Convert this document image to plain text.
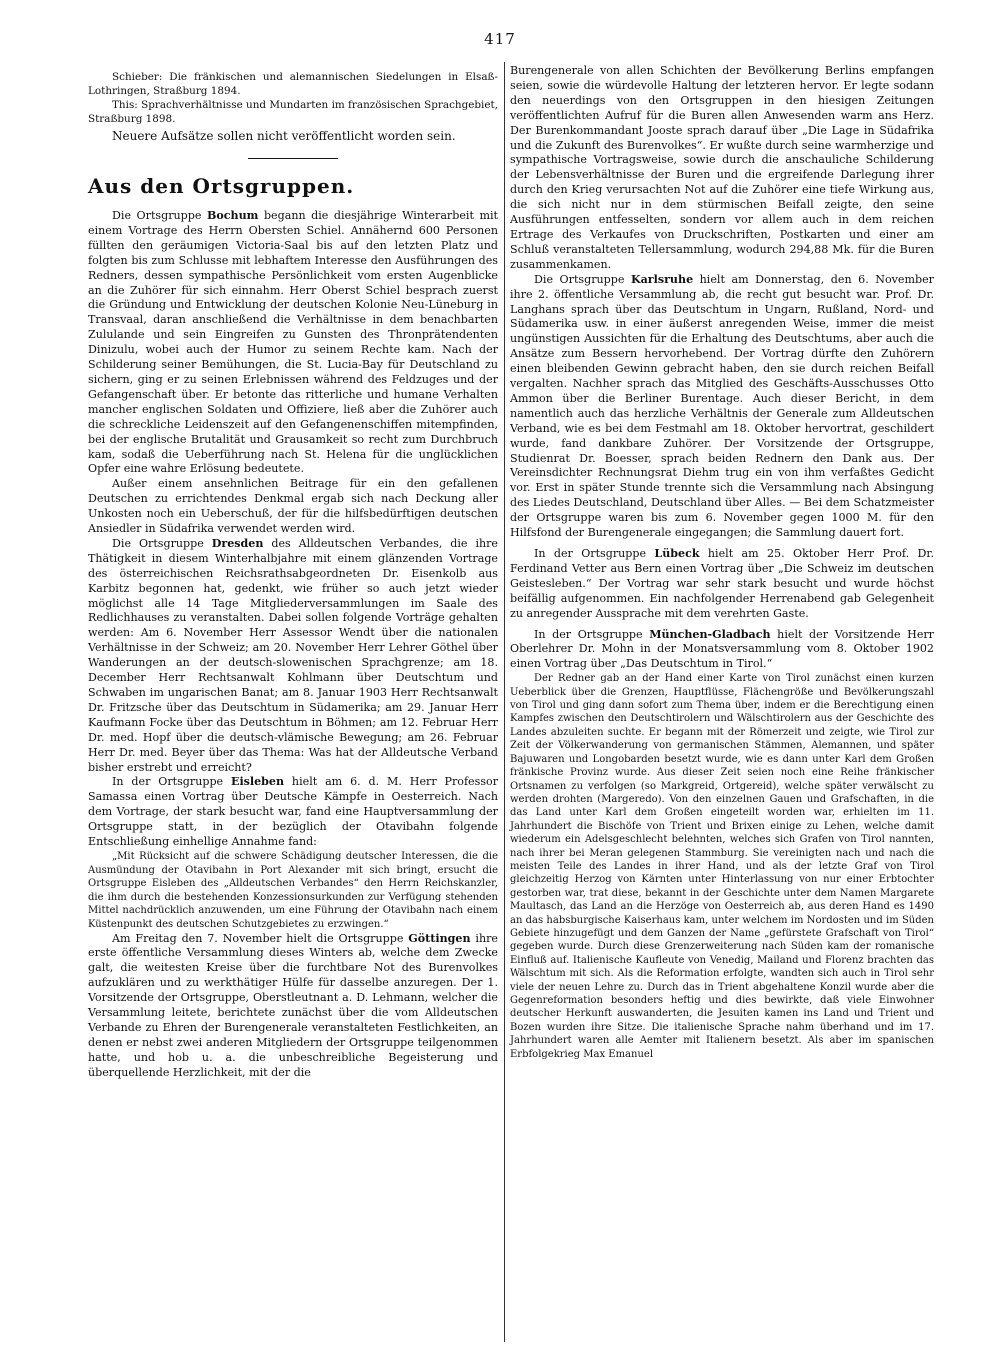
417

Schieber: Die fränkischen und alemannischen Siedelungen in Elsaß-Lothringen, Straßburg 1894.

This: Sprachverhältnisse und Mundarten im französischen Sprachgebiet, Straßburg 1898.

Neuere Aufsätze sollen nicht veröffentlicht worden sein.

Aus den Ortsgruppen.

Die Ortsgruppe Bochum begann die diesjährige Winterarbeit mit einem Vortrage des Herrn Obersten Schiel. Annähernd 600 Personen füllten den geräumigen Victoria-Saal bis auf den letzten Platz und folgten bis zum Schlusse mit lebhaftem Interesse den Ausführungen des Redners, dessen sympathische Persönlichkeit vom ersten Augenblicke an die Zuhörer für sich einnahm. Herr Oberst Schiel besprach zuerst die Gründung und Entwicklung der deutschen Kolonie Neu-Lüneburg in Transvaal, daran anschließend die Verhältnisse in dem benachbarten Zululande und sein Eingreifen zu Gunsten des Thronprätendenten Dinizulu, wobei auch der Humor zu seinem Rechte kam. Nach der Schilderung seiner Bemühungen, die St. Lucia-Bay für Deutschland zu sichern, ging er zu seinen Erlebnissen während des Feldzuges und der Gefangenschaft über. Er betonte das ritterliche und humane Verhalten mancher englischen Soldaten und Offiziere, ließ aber die Zuhörer auch die schreckliche Leidenszeit auf den Gefangenenschiffen mitempfinden, bei der englische Brutalität und Grausamkeit so recht zum Durchbruch kam, sodaß die Ueberführung nach St. Helena für die unglücklichen Opfer eine wahre Erlösung bedeutete.

Außer einem ansehnlichen Beitrage für ein den gefallenen Deutschen zu errichtendes Denkmal ergab sich nach Deckung aller Unkosten noch ein Ueberschuß, der für die hilfsbedürftigen deutschen Ansiedler in Südafrika verwendet werden wird.

Die Ortsgruppe Dresden des Alldeutschen Verbandes, die ihre Thätigkeit in diesem Winterhalbjahre mit einem glänzenden Vortrage des österreichischen Reichsrathsabgeordneten Dr. Eisenkolb aus Karbitz begonnen hat, gedenkt, wie früher so auch jetzt wieder möglichst alle 14 Tage Mitgliederversammlungen im Saale des Redlichhauses zu veranstalten. Dabei sollen folgende Vorträge gehalten werden: Am 6. November Herr Assessor Wendt über die nationalen Verhältnisse in der Schweiz; am 20. November Herr Lehrer Göthel über Wanderungen an der deutsch-slowenischen Sprachgrenze; am 18. December Herr Rechtsanwalt Kohlmann über Deutschtum und Schwaben im ungarischen Banat; am 8. Januar 1903 Herr Rechtsanwalt Dr. Fritzsche über das Deutschtum in Südamerika; am 29. Januar Herr Kaufmann Focke über das Deutschtum in Böhmen; am 12. Februar Herr Dr. med. Hopf über die deutsch-vlämische Bewegung; am 26. Februar Herr Dr. med. Beyer über das Thema: Was hat der Alldeutsche Verband bisher erstrebt und erreicht?

In der Ortsgruppe Eisleben hielt am 6. d. M. Herr Professor Samassa einen Vortrag über Deutsche Kämpfe in Oesterreich. Nach dem Vortrage, der stark besucht war, fand eine Hauptversammlung der Ortsgruppe statt, in der bezüglich der Otavibahn folgende Entschließung einhellige Annahme fand:

„Mit Rücksicht auf die schwere Schädigung deutscher Interessen, die die Ausmündung der Otavibahn in Port Alexander mit sich bringt, ersucht die Ortsgruppe Eisleben des „Alldeutschen Verbandes“ den Herrn Reichskanzler, die ihm durch die bestehenden Konzessionsurkunden zur Verfügung stehenden Mittel nachdrücklich anzuwenden, um eine Führung der Otavibahn nach einem Küstenpunkt des deutschen Schutzgebietes zu erzwingen.“

Am Freitag den 7. November hielt die Ortsgruppe Göttingen ihre erste öffentliche Versammlung dieses Winters ab, welche dem Zwecke galt, die weitesten Kreise über die furchtbare Not des Burenvolkes aufzuklären und zu werkthätiger Hülfe für dasselbe anzuregen. Der 1. Vorsitzende der Ortsgruppe, Oberstleutnant a. D. Lehmann, welcher die Versammlung leitete, berichtete zunächst über die vom Alldeutschen Verbande zu Ehren der Burengenerale veranstalteten Festlichkeiten, an denen er nebst zwei anderen Mitgliedern der Ortsgruppe teilgenommen hatte, und hob u. a. die unbeschreibliche Begeisterung und überquellende Herzlichkeit, mit der die

Burengenerale von allen Schichten der Bevölkerung Berlins empfangen seien, sowie die würdevolle Haltung der letzteren hervor. Er legte sodann den neuerdings von den Ortsgruppen in den hiesigen Zeitungen veröffentlichten Aufruf für die Buren allen Anwesenden warm ans Herz. Der Burenkommandant Jooste sprach darauf über „Die Lage in Südafrika und die Zukunft des Burenvolkes“. Er wußte durch seine warmherzige und sympathische Vortragsweise, sowie durch die anschauliche Schilderung der Lebensverhältnisse der Buren und die ergreifende Darlegung ihrer durch den Krieg verursachten Not auf die Zuhörer eine tiefe Wirkung aus, die sich nicht nur in dem stürmischen Beifall zeigte, den seine Ausführungen entfesselten, sondern vor allem auch in dem reichen Ertrage des Verkaufes von Druckschriften, Postkarten und einer am Schluß veranstalteten Tellersammlung, wodurch 294,88 Mk. für die Buren zusammenkamen.

Die Ortsgruppe Karlsruhe hielt am Donnerstag, den 6. November ihre 2. öffentliche Versammlung ab, die recht gut besucht war. Prof. Dr. Langhans sprach über das Deutschtum in Ungarn, Rußland, Nord- und Südamerika usw. in einer äußerst anregenden Weise, immer die meist ungünstigen Aussichten für die Erhaltung des Deutschtums, aber auch die Ansätze zum Bessern hervorhebend. Der Vortrag dürfte den Zuhörern einen bleibenden Gewinn gebracht haben, den sie durch reichen Beifall vergalten. Nachher sprach das Mitglied des Geschäfts-Ausschusses Otto Ammon über die Berliner Burentage. Auch dieser Bericht, in dem namentlich auch das herzliche Verhältnis der Generale zum Alldeutschen Verband, wie es bei dem Festmahl am 18. Oktober hervortrat, geschildert wurde, fand dankbare Zuhörer. Der Vorsitzende der Ortsgruppe, Studienrat Dr. Boesser, sprach beiden Rednern den Dank aus. Der Vereinsdichter Rechnungsrat Diehm trug ein von ihm verfaßtes Gedicht vor. Erst in später Stunde trennte sich die Versammlung nach Absingung des Liedes Deutschland, Deutschland über Alles. — Bei dem Schatzmeister der Ortsgruppe waren bis zum 6. November gegen 1000 M. für den Hilfsfond der Burengenerale eingegangen; die Sammlung dauert fort.

In der Ortsgruppe Lübeck hielt am 25. Oktober Herr Prof. Dr. Ferdinand Vetter aus Bern einen Vortrag über „Die Schweiz im deutschen Geistesleben.“ Der Vortrag war sehr stark besucht und wurde höchst beifällig aufgenommen. Ein nachfolgender Herrenabend gab Gelegenheit zu anregender Aussprache mit dem verehrten Gaste.

In der Ortsgruppe München-Gladbach hielt der Vorsitzende Herr Oberlehrer Dr. Mohn in der Monatsversammlung vom 8. Oktober 1902 einen Vortrag über „Das Deutschtum in Tirol.“

Der Redner gab an der Hand einer Karte von Tirol zunächst einen kurzen Ueberblick über die Grenzen, Hauptflüsse, Flächengröße und Bevölkerungszahl von Tirol und ging dann sofort zum Thema über, indem er die Berechtigung einen Kampfes zwischen den Deutschtirolern und Wälschtirolern aus der Geschichte des Landes abzuleiten suchte. Er begann mit der Römerzeit und zeigte, wie Tirol zur Zeit der Völkerwanderung von germanischen Stämmen, Alemannen, und später Bajuwaren und Longobarden besetzt wurde, wie es dann unter Karl dem Großen fränkische Provinz wurde. Aus dieser Zeit seien noch eine Reihe fränkischer Ortsnamen zu verfolgen (so Markgreid, Ortgereid), welche später verwälscht zu werden drohten (Margeredo). Von den einzelnen Gauen und Grafschaften, in die das Land unter Karl dem Großen eingeteilt worden war, erhielten im 11. Jahrhundert die Bischöfe von Trient und Brixen einige zu Lehen, welche damit wiederum ein Adelsgeschlecht belehnten, welches sich Grafen von Tirol nannten, nach ihrer bei Meran gelegenen Stammburg. Sie vereinigten nach und nach die meisten Teile des Landes in ihrer Hand, und als der letzte Graf von Tirol gleichzeitig Herzog von Kärnten unter Hinterlassung von nur einer Erbtochter gestorben war, trat diese, bekannt in der Geschichte unter dem Namen Margarete Maultasch, das Land an die Herzöge von Oesterreich ab, aus deren Hand es 1490 an das habsburgische Kaiserhaus kam, unter welchem im Nordosten und im Süden Gebiete hinzugefügt und dem Ganzen der Name „gefürstete Grafschaft von Tirol“ gegeben wurde. Durch diese Grenzerweiterung nach Süden kam der romanische Einfluß auf. Italienische Kaufleute von Venedig, Mailand und Florenz brachten das Wälschtum mit sich. Als die Reformation erfolgte, wandten sich auch in Tirol sehr viele der neuen Lehre zu. Durch das in Trient abgehaltene Konzil wurde aber die Gegenreformation besonders heftig und dies bewirkte, daß viele Einwohner deutscher Herkunft auswanderten, die Jesuiten kamen ins Land und Trient und Bozen wurden ihre Sitze. Die italienische Sprache nahm überhand und im 17. Jahrhundert waren alle Aemter mit Italienern besetzt. Als aber im spanischen Erbfolgekrieg Max Emanuel
